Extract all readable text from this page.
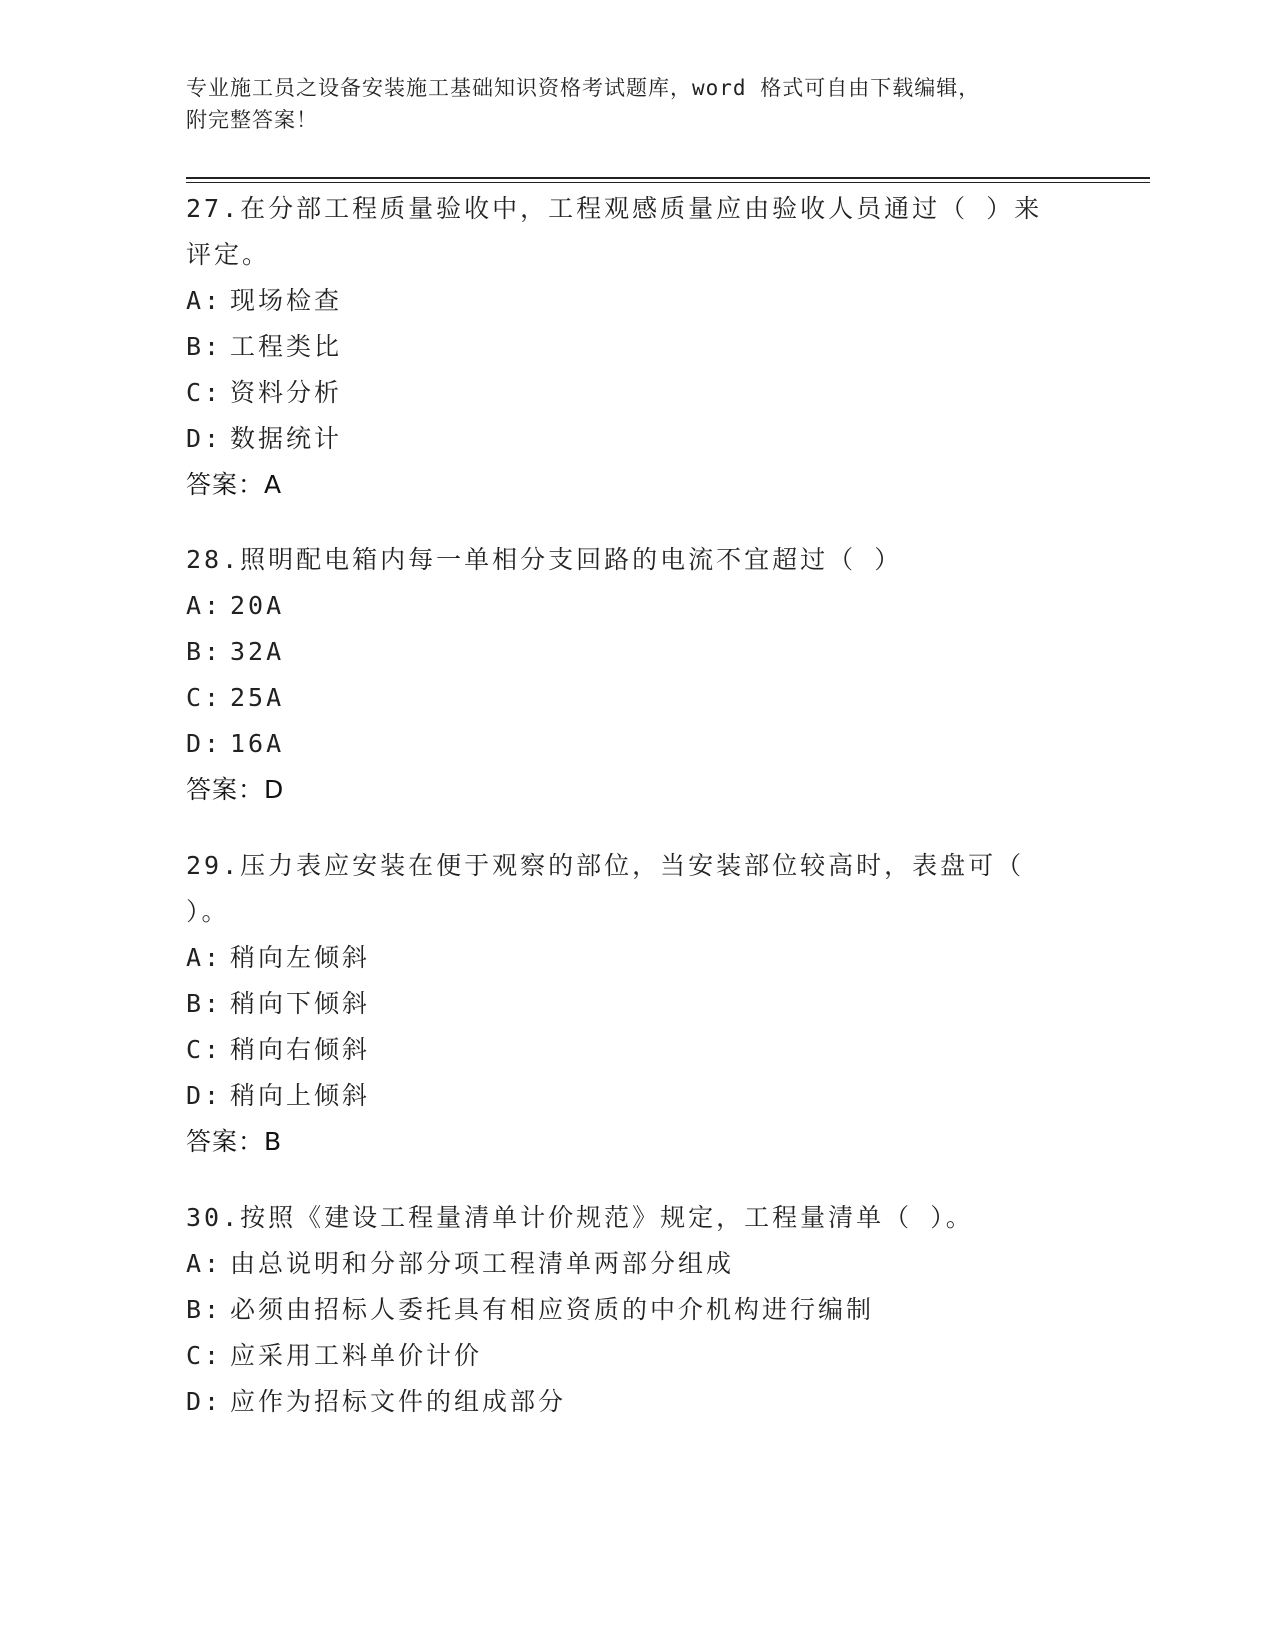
专业施工员之设备安装施工基础知识资格考试题库，word 格式可自由下载编辑，
附完整答案！

27.在分部工程质量验收中，工程观感质量应由验收人员通过（ ）来评定。

A: 现场检查

B: 工程类比

C: 资料分析

D: 数据统计

答案：A

28.照明配电箱内每一单相分支回路的电流不宜超过（ ）

A: 20A

B: 32A

C: 25A

D: 16A

答案：D

29.压力表应安装在便于观察的部位，当安装部位较高时，表盘可（ ）。

A: 稍向左倾斜

B: 稍向下倾斜

C: 稍向右倾斜

D: 稍向上倾斜

答案：B

30.按照《建设工程量清单计价规范》规定，工程量清单（ ）。

A: 由总说明和分部分项工程清单两部分组成

B: 必须由招标人委托具有相应资质的中介机构进行编制

C: 应采用工料单价计价

D: 应作为招标文件的组成部分
